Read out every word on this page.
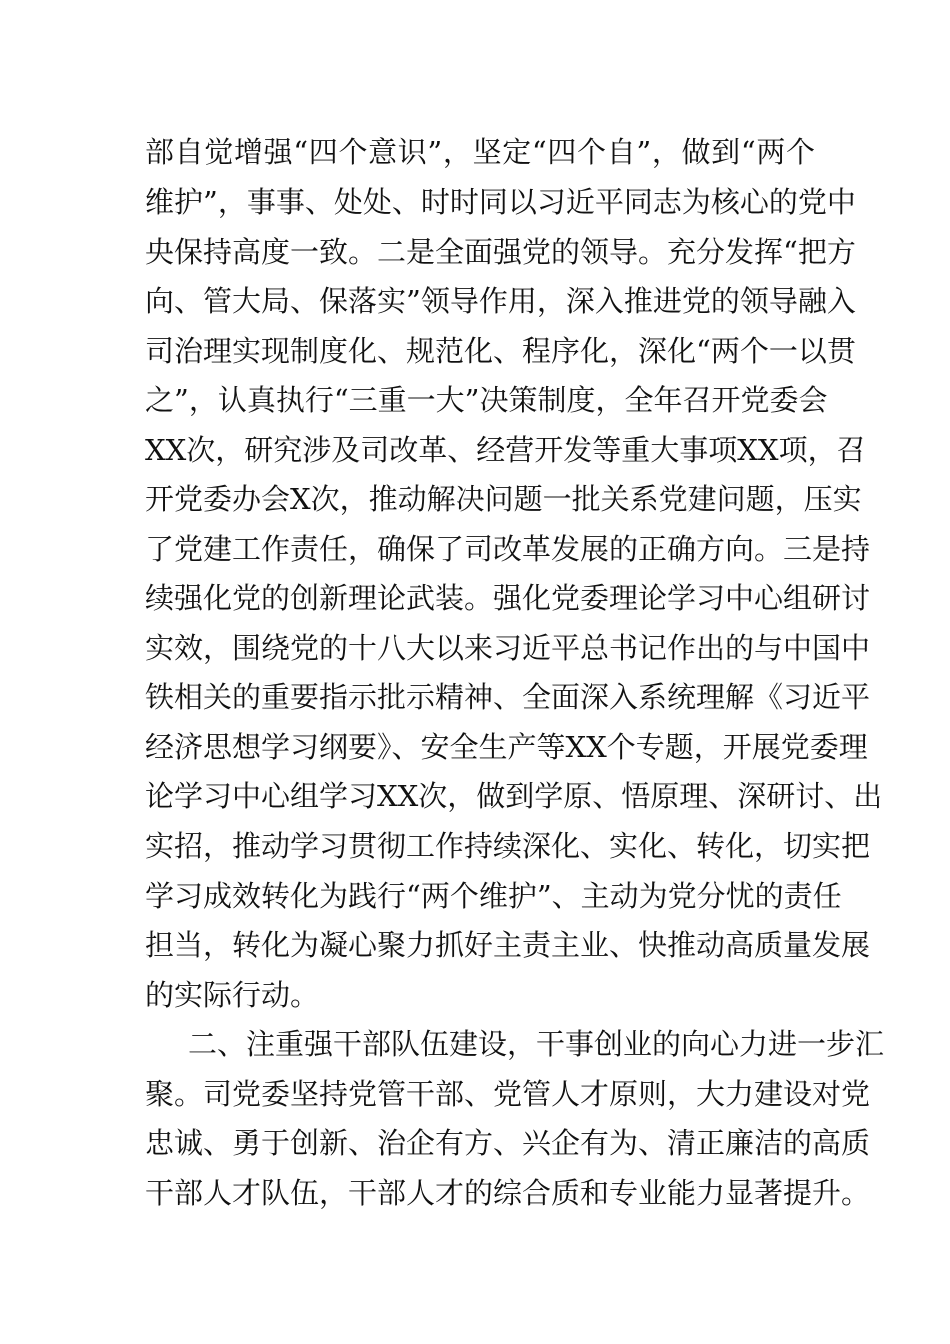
部自觉增强“四个意识”，坚定“四个自”，做到“两个
维护”，事事、处处、时时同以习近平同志为核心的党中
央保持高度一致。二是全面强党的领导。充分发挥“把方
向、管大局、保落实”领导作用，深入推进党的领导融入
司治理实现制度化、规范化、程序化，深化“两个一以贯
之”，认真执行“三重一大”决策制度，全年召开党委会
XX次，研究涉及司改革、经营开发等重大事项XX项，召
开党委办会X次，推动解决问题一批关系党建问题，压实
了党建工作责任，确保了司改革发展的正确方向。三是持
续强化党的创新理论武装。强化党委理论学习中心组研讨
实效，围绕党的十八大以来习近平总书记作出的与中国中
铁相关的重要指示批示精神、全面深入系统理解《习近平
经济思想学习纲要》、安全生产等XX个专题，开展党委理
论学习中心组学习XX次，做到学原、悟原理、深研讨、出
实招，推动学习贯彻工作持续深化、实化、转化，切实把
学习成效转化为践行“两个维护”、主动为党分忧的责任
担当，转化为凝心聚力抓好主责主业、快推动高质量发展
的实际行动。
二、注重强干部队伍建设，干事创业的向心力进一步汇
聚。司党委坚持党管干部、党管人才原则，大力建设对党
忠诚、勇于创新、治企有方、兴企有为、清正廉洁的高质
干部人才队伍，干部人才的综合质和专业能力显著提升。
